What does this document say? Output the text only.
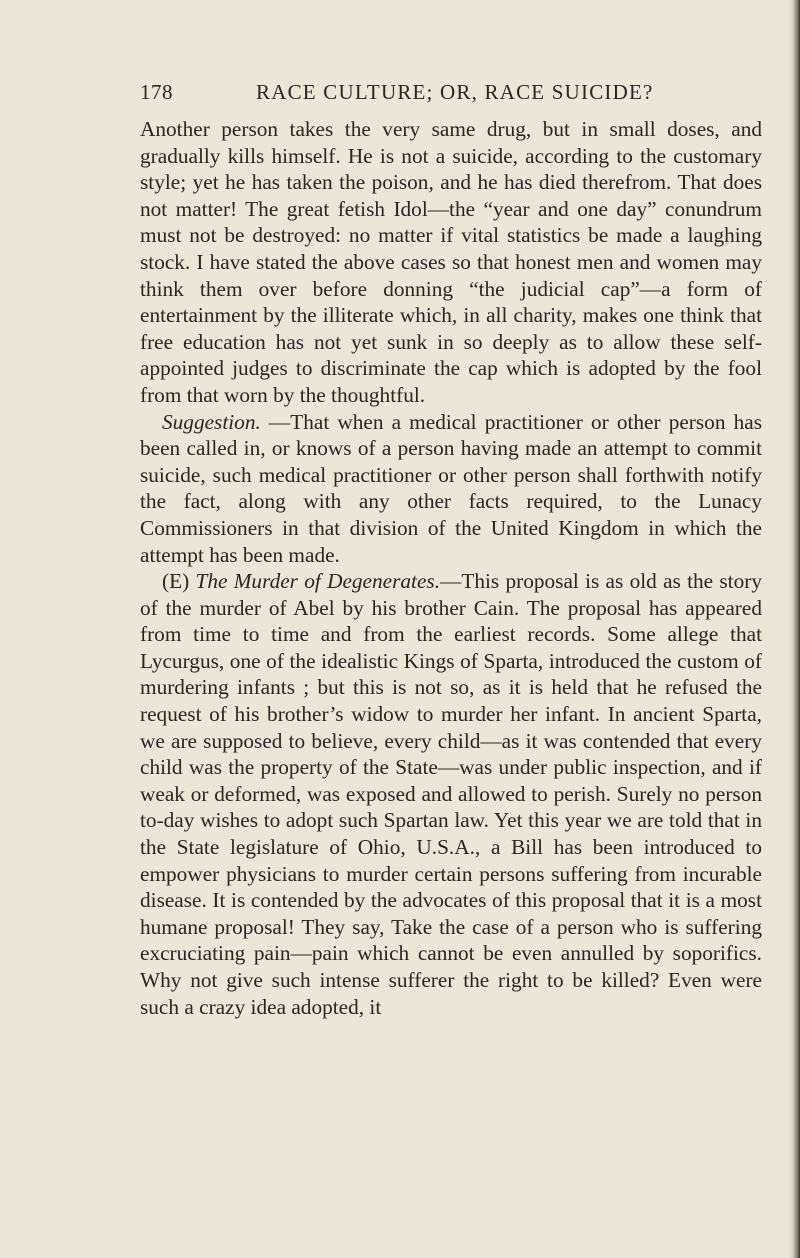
178	RACE CULTURE; OR, RACE SUICIDE?

Another person takes the very same drug, but in small doses, and gradually kills himself. He is not a suicide, according to the customary style; yet he has taken the poison, and he has died therefrom. That does not matter! The great fetish Idol—the “year and one day” conundrum must not be destroyed: no matter if vital statistics be made a laughing stock. I have stated the above cases so that honest men and women may think them over before donning “the judicial cap”—a form of entertainment by the illiterate which, in all charity, makes one think that free education has not yet sunk in so deeply as to allow these self-appointed judges to discriminate the cap which is adopted by the fool from that worn by the thoughtful.

Suggestion. —That when a medical practitioner or other person has been called in, or knows of a person having made an attempt to commit suicide, such medical practitioner or other person shall forthwith notify the fact, along with any other facts required, to the Lunacy Commissioners in that division of the United Kingdom in which the attempt has been made.

(E) The Murder of Degenerates.—This proposal is as old as the story of the murder of Abel by his brother Cain. The proposal has appeared from time to time and from the earliest records. Some allege that Lycurgus, one of the idealistic Kings of Sparta, introduced the custom of murdering infants ; but this is not so, as it is held that he refused the request of his brother’s widow to murder her infant. In ancient Sparta, we are supposed to believe, every child—as it was contended that every child was the property of the State—was under public inspection, and if weak or deformed, was exposed and allowed to perish. Surely no person to-day wishes to adopt such Spartan law. Yet this year we are told that in the State legislature of Ohio, U.S.A., a Bill has been introduced to empower physicians to murder certain persons suffering from incurable disease. It is contended by the advocates of this proposal that it is a most humane proposal! They say, Take the case of a person who is suffering excruciating pain—pain which cannot be even annulled by soporifics. Why not give such intense sufferer the right to be killed? Even were such a crazy idea adopted, it
